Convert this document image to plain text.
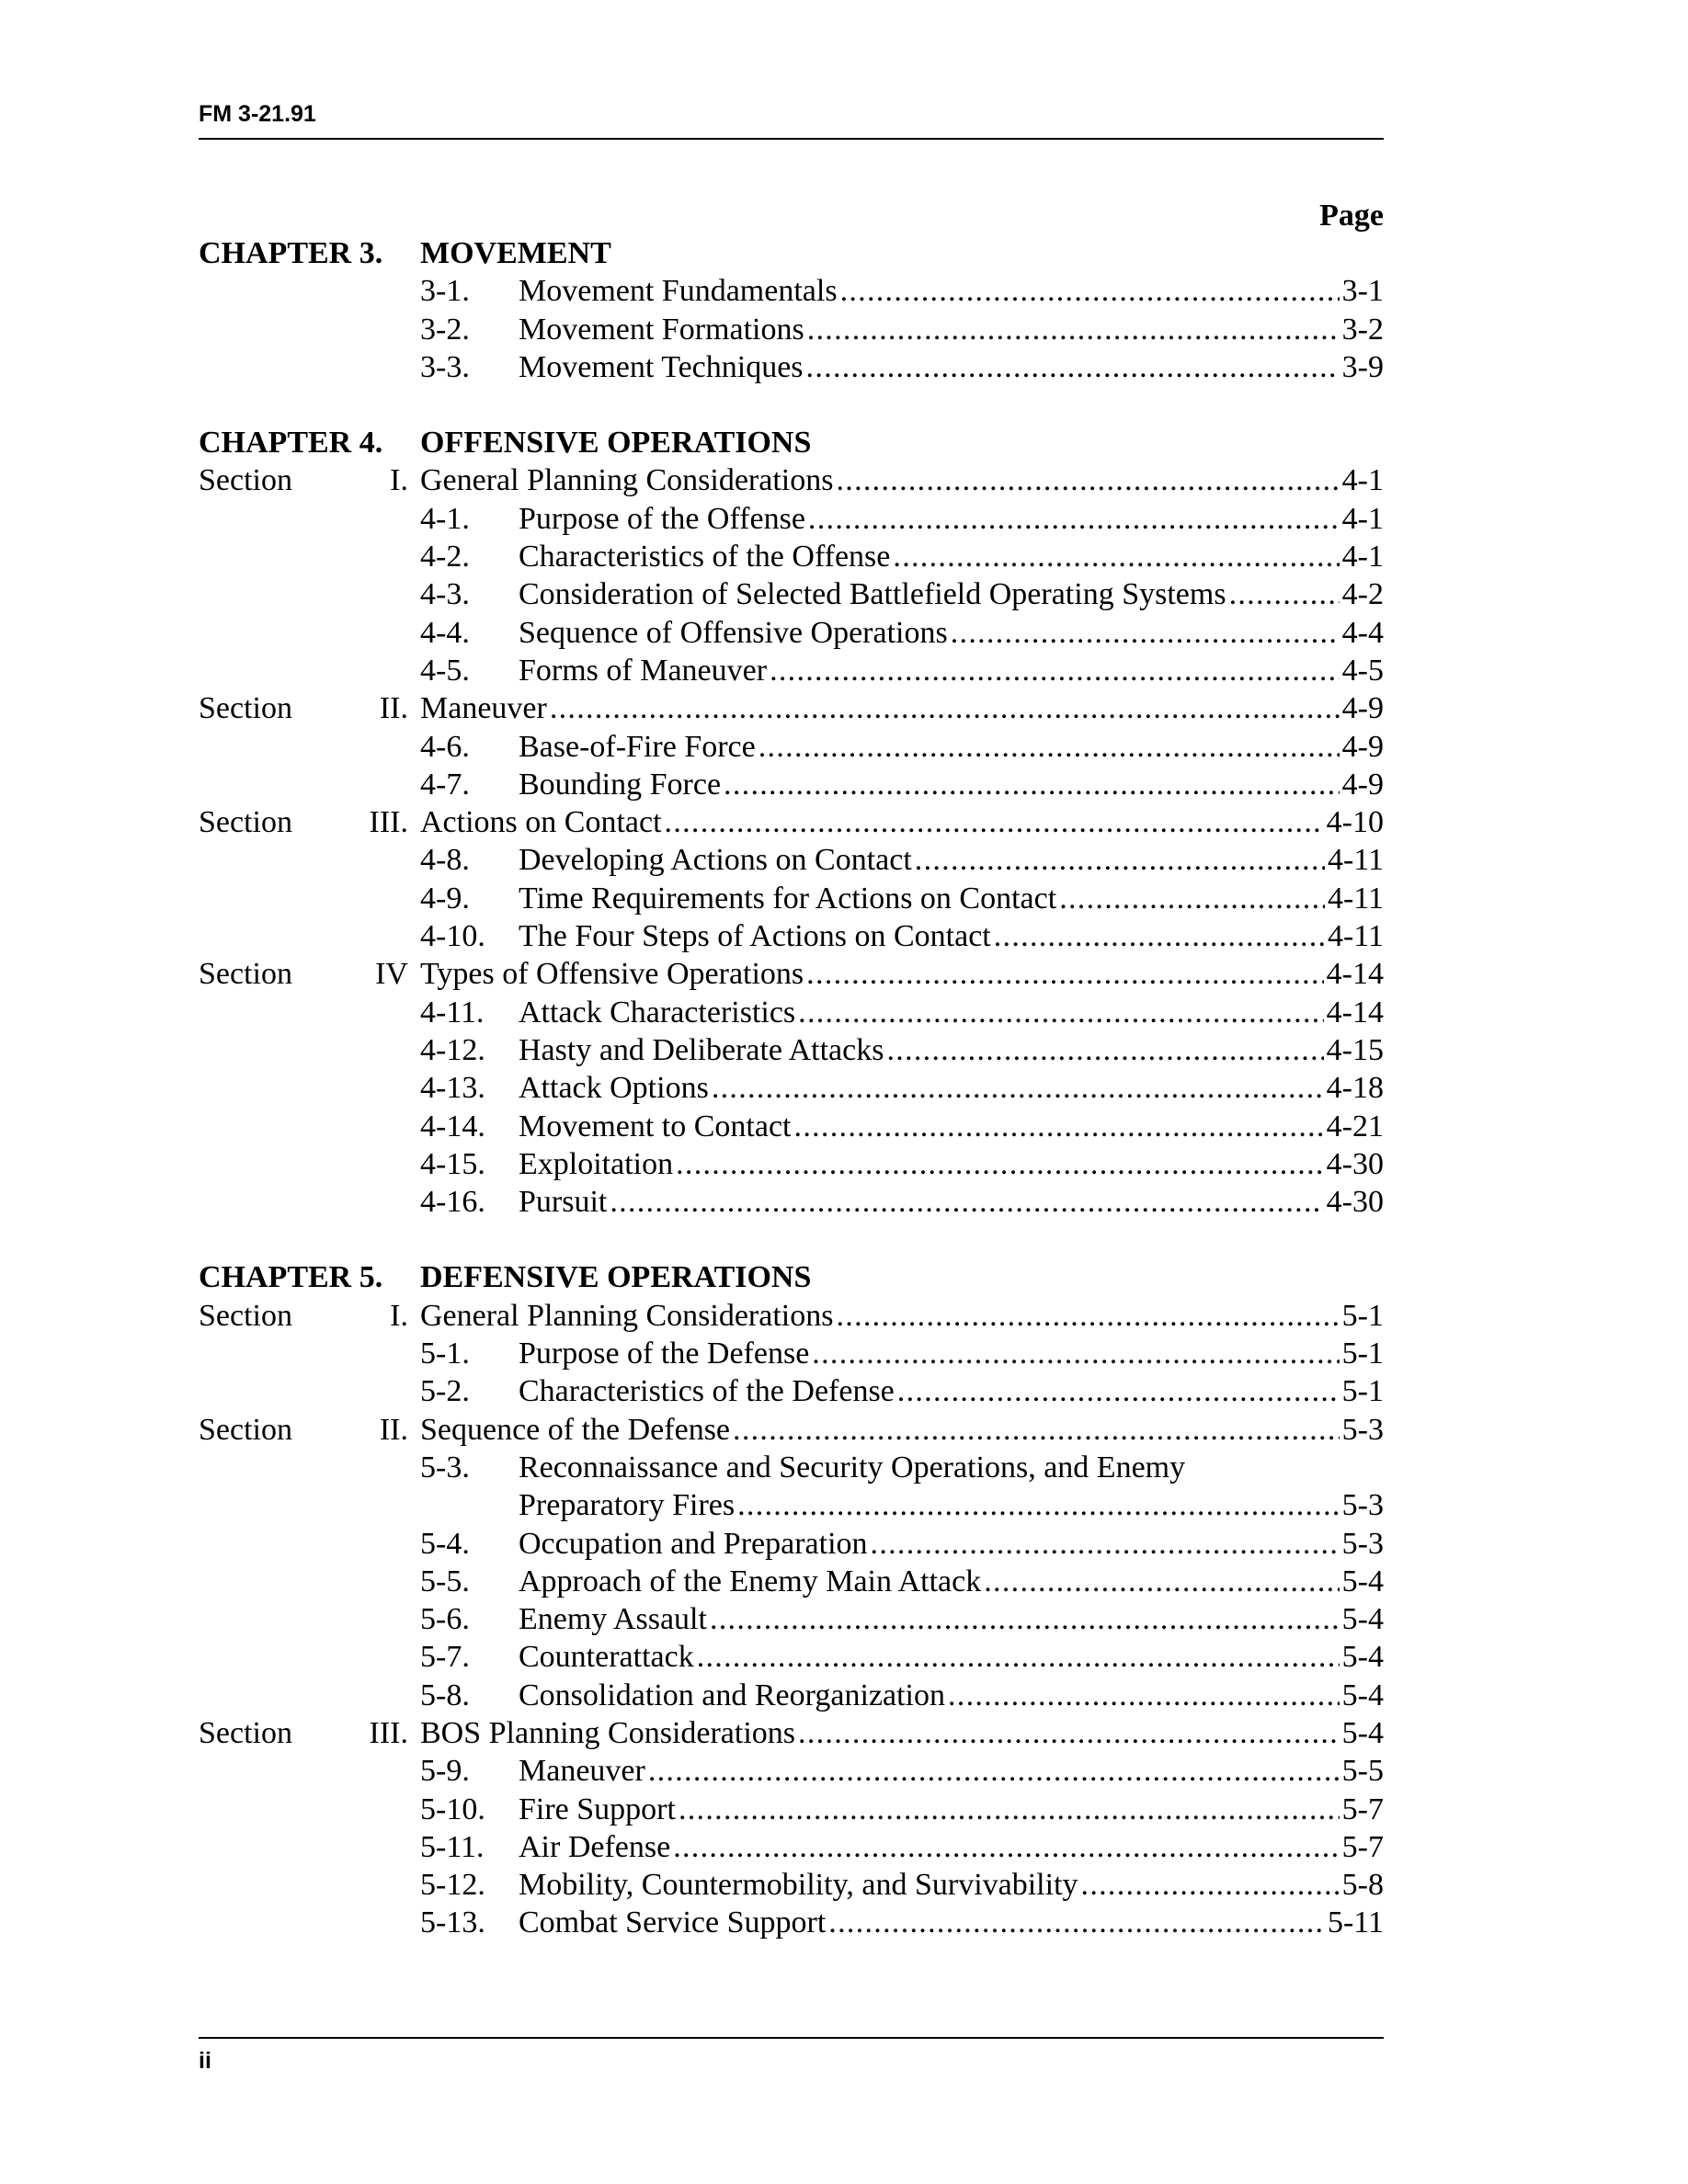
FM 3-21.91
Page
CHAPTER 3. MOVEMENT
3-1. Movement Fundamentals .....	3-1
3-2. Movement Formations .....	3-2
3-3. Movement Techniques .....	3-9
CHAPTER 4. OFFENSIVE OPERATIONS
Section	I. General Planning Considerations .....	4-1
4-1. Purpose of the Offense .....	4-1
4-2. Characteristics of the Offense .....	4-1
4-3. Consideration of Selected Battlefield Operating Systems .....	4-2
4-4. Sequence of Offensive Operations .....	4-4
4-5. Forms of Maneuver .....	4-5
Section	II. Maneuver .....	4-9
4-6. Base-of-Fire Force .....	4-9
4-7. Bounding Force .....	4-9
Section	III. Actions on Contact .....	4-10
4-8. Developing Actions on Contact .....	4-11
4-9. Time Requirements for Actions on Contact .....	4-11
4-10. The Four Steps of Actions on Contact .....	4-11
Section	IV Types of Offensive Operations .....	4-14
4-11. Attack Characteristics .....	4-14
4-12. Hasty and Deliberate Attacks .....	4-15
4-13. Attack Options .....	4-18
4-14. Movement to Contact .....	4-21
4-15. Exploitation .....	4-30
4-16. Pursuit .....	4-30
CHAPTER 5. DEFENSIVE OPERATIONS
Section	I. General Planning Considerations .....	5-1
5-1. Purpose of the Defense .....	5-1
5-2. Characteristics of the Defense .....	5-1
Section	II. Sequence of the Defense .....	5-3
5-3. Reconnaissance and Security Operations, and Enemy
Preparatory Fires .....	5-3
5-4. Occupation and Preparation .....	5-3
5-5. Approach of the Enemy Main Attack .....	5-4
5-6. Enemy Assault .....	5-4
5-7. Counterattack .....	5-4
5-8. Consolidation and Reorganization .....	5-4
Section	III. BOS Planning Considerations .....	5-4
5-9. Maneuver .....	5-5
5-10. Fire Support .....	5-7
5-11. Air Defense .....	5-7
5-12. Mobility, Countermobility, and Survivability .....	5-8
5-13. Combat Service Support .....	5-11
ii
